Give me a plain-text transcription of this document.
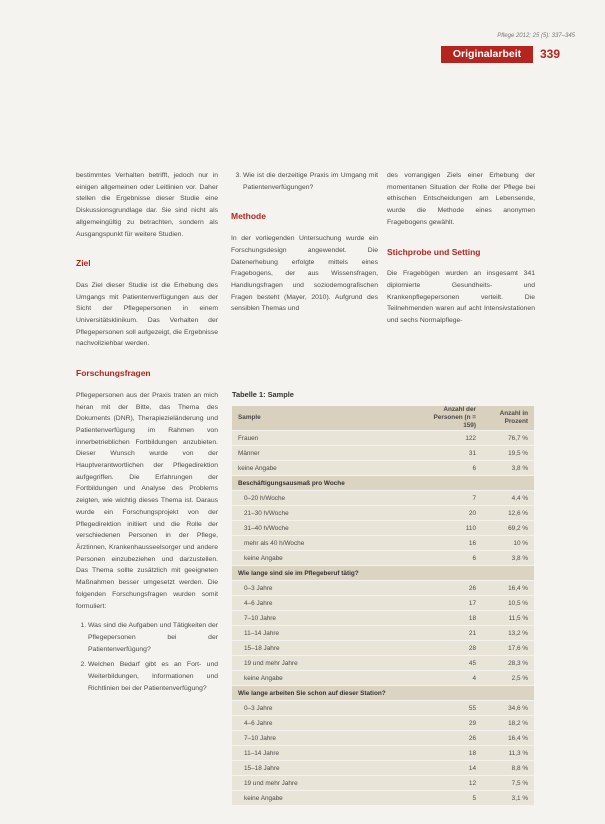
Pflege 2012; 25 (5): 337–345
Originalarbeit	339

bestimmtes Verhalten betrifft, jedoch nur in einigen allgemeinen oder Leitlinien vor. Daher stellen die Ergebnisse dieser Studie eine Diskussionsgrundlage dar. Sie sind nicht als allgemeingültig zu betrachten, sondern als Ausgangspunkt für weitere Studien.

Ziel

Das Ziel dieser Studie ist die Erhebung des Umgangs mit Patientenverfügungen aus der Sicht der Pflegepersonen in einem Universitätsklinikum. Das Verhalten der Pflegepersonen soll aufgezeigt, die Ergebnisse nachvollziehbar werden.

Forschungsfragen

Pflegepersonen aus der Praxis traten an mich heran mit der Bitte, das Thema des Dokuments (DNR), Therapiezieländerung und Patientenverfügung im Rahmen von innerbetrieblichen Fortbildungen anzubieten. Dieser Wunsch wurde von der Hauptverantwortlichen der Pflegedirektion aufgegriffen. Die Erfahrungen der Fortbildungen und Analyse des Problems zeigten, wie wichtig dieses Thema ist. Daraus wurde ein Forschungsprojekt von der Pflegedirektion initiiert und die Rolle der verschiedenen Personen in der Pflege, Ärztinnen, Krankenhausseelsorger und andere Personen einzubeziehen und darzustellen. Das Thema sollte zusätzlich mit geeigneten Maßnahmen besser umgesetzt werden. Die folgenden Forschungsfragen wurden somit formuliert:

1. Was sind die Aufgaben und Tätigkeiten der Pflegepersonen bei der Patientenverfügung?
2. Welchen Bedarf gibt es an Fort- und Weiterbildungen, Informationen und Richtlinien bei der Patientenverfügung?
3. Wie ist die derzeitige Praxis im Umgang mit Patientenverfügungen?
Methode

In der vorliegenden Untersuchung wurde ein Forschungsdesign angewendet. Die Datenerhebung erfolgte mittels eines Fragebogens, der aus Wissensfragen, Handlungsfragen und soziodemografischen Fragen besteht (Mayer, 2010). Aufgrund des sensiblen Themas und

des vorrangigen Ziels einer Erhebung der momentanen Situation der Rolle der Pflege bei ethischen Entscheidungen am Lebensende, wurde die Methode eines anonymen Fragebogens gewählt.

Stichprobe und Setting

Die Fragebögen wurden an insgesamt 341 diplomierte Gesundheits- und Krankenpflegepersonen verteilt. Die Teilnehmenden waren auf acht Intensivstationen und sechs Normalpflege-

Tabelle 1: Sample
Sample	Anzahl der Personen (n = 159)	Anzahl in Prozent
Frauen	122	76,7 %
Männer	31	19,5 %
keine Angabe	6	3,8 %
Beschäftigungsausmaß pro Woche		
0–20 h/Woche	7	4,4 %
21–30 h/Woche	20	12,6 %
31–40 h/Woche	110	69,2 %
mehr als 40 h/Woche	16	10 %
keine Angabe	6	3,8 %
Wie lange sind sie im Pflegeberuf tätig?		
0–3 Jahre	26	16,4 %
4–6 Jahre	17	10,5 %
7–10 Jahre	18	11,5 %
11–14 Jahre	21	13,2 %
15–18 Jahre	28	17,6 %
19 und mehr Jahre	45	28,3 %
keine Angabe	4	2,5 %
Wie lange arbeiten Sie schon auf dieser Station?		
0–3 Jahre	55	34,6 %
4–6 Jahre	29	18,2 %
7–10 Jahre	26	16,4 %
11–14 Jahre	18	11,3 %
15–18 Jahre	14	8,8 %
19 und mehr Jahre	12	7,5 %
keine Angabe	5	3,1 %
